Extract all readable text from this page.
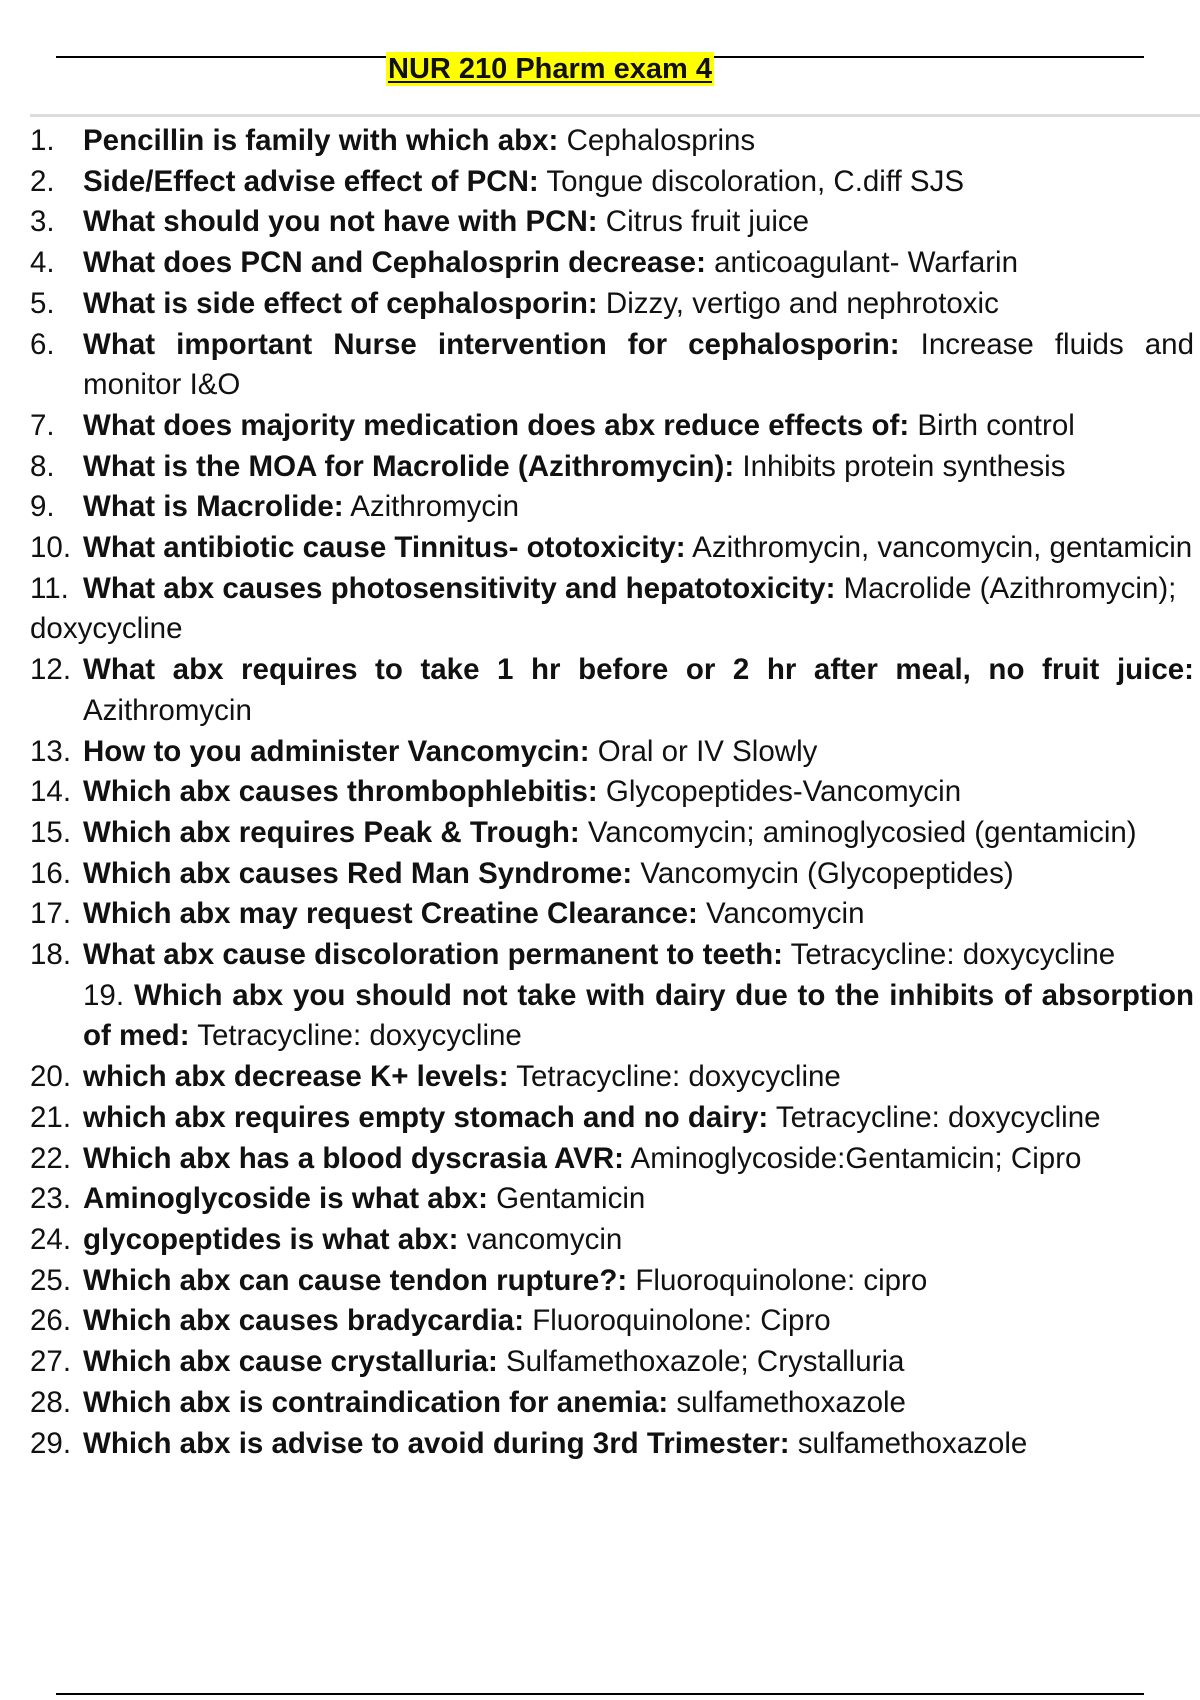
NUR 210 Pharm exam 4
1. Pencillin is family with which abx: Cephalosprins
2. Side/Effect advise effect of PCN: Tongue discoloration, C.diff SJS
3. What should you not have with PCN: Citrus fruit juice
4. What does PCN and Cephalosprin decrease: anticoagulant- Warfarin
5. What is side effect of cephalosporin: Dizzy, vertigo and nephrotoxic
6. What important Nurse intervention for cephalosporin: Increase fluids and monitor I&O
7. What does majority medication does abx reduce effects of: Birth control
8. What is the MOA for Macrolide (Azithromycin): Inhibits protein synthesis
9. What is Macrolide: Azithromycin
10. What antibiotic cause Tinnitus- ototoxicity: Azithromycin, vancomycin, gentamicin
11. What abx causes photosensitivity and hepatotoxicity: Macrolide (Azithromycin); doxycycline
12. What abx requires to take 1 hr before or 2 hr after meal, no fruit juice: Azithromycin
13. How to you administer Vancomycin: Oral or IV Slowly
14. Which abx causes thrombophlebitis: Glycopeptides-Vancomycin
15. Which abx requires Peak & Trough: Vancomycin; aminoglycosied (gentamicin)
16. Which abx causes Red Man Syndrome: Vancomycin (Glycopeptides)
17. Which abx may request Creatine Clearance: Vancomycin
18. What abx cause discoloration permanent to teeth: Tetracycline: doxycycline
19. Which abx you should not take with dairy due to the inhibits of absorption of med: Tetracycline: doxycycline
20. which abx decrease K+ levels: Tetracycline: doxycycline
21. which abx requires empty stomach and no dairy: Tetracycline: doxycycline
22. Which abx has a blood dyscrasia AVR: Aminoglycoside:Gentamicin; Cipro
23. Aminoglycoside is what abx: Gentamicin
24. glycopeptides is what abx: vancomycin
25. Which abx can cause tendon rupture?: Fluoroquinolone: cipro
26. Which abx causes bradycardia: Fluoroquinolone: Cipro
27. Which abx cause crystalluria: Sulfamethoxazole; Crystalluria
28. Which abx is contraindication for anemia: sulfamethoxazole
29. Which abx is advise to avoid during 3rd Trimester: sulfamethoxazole
